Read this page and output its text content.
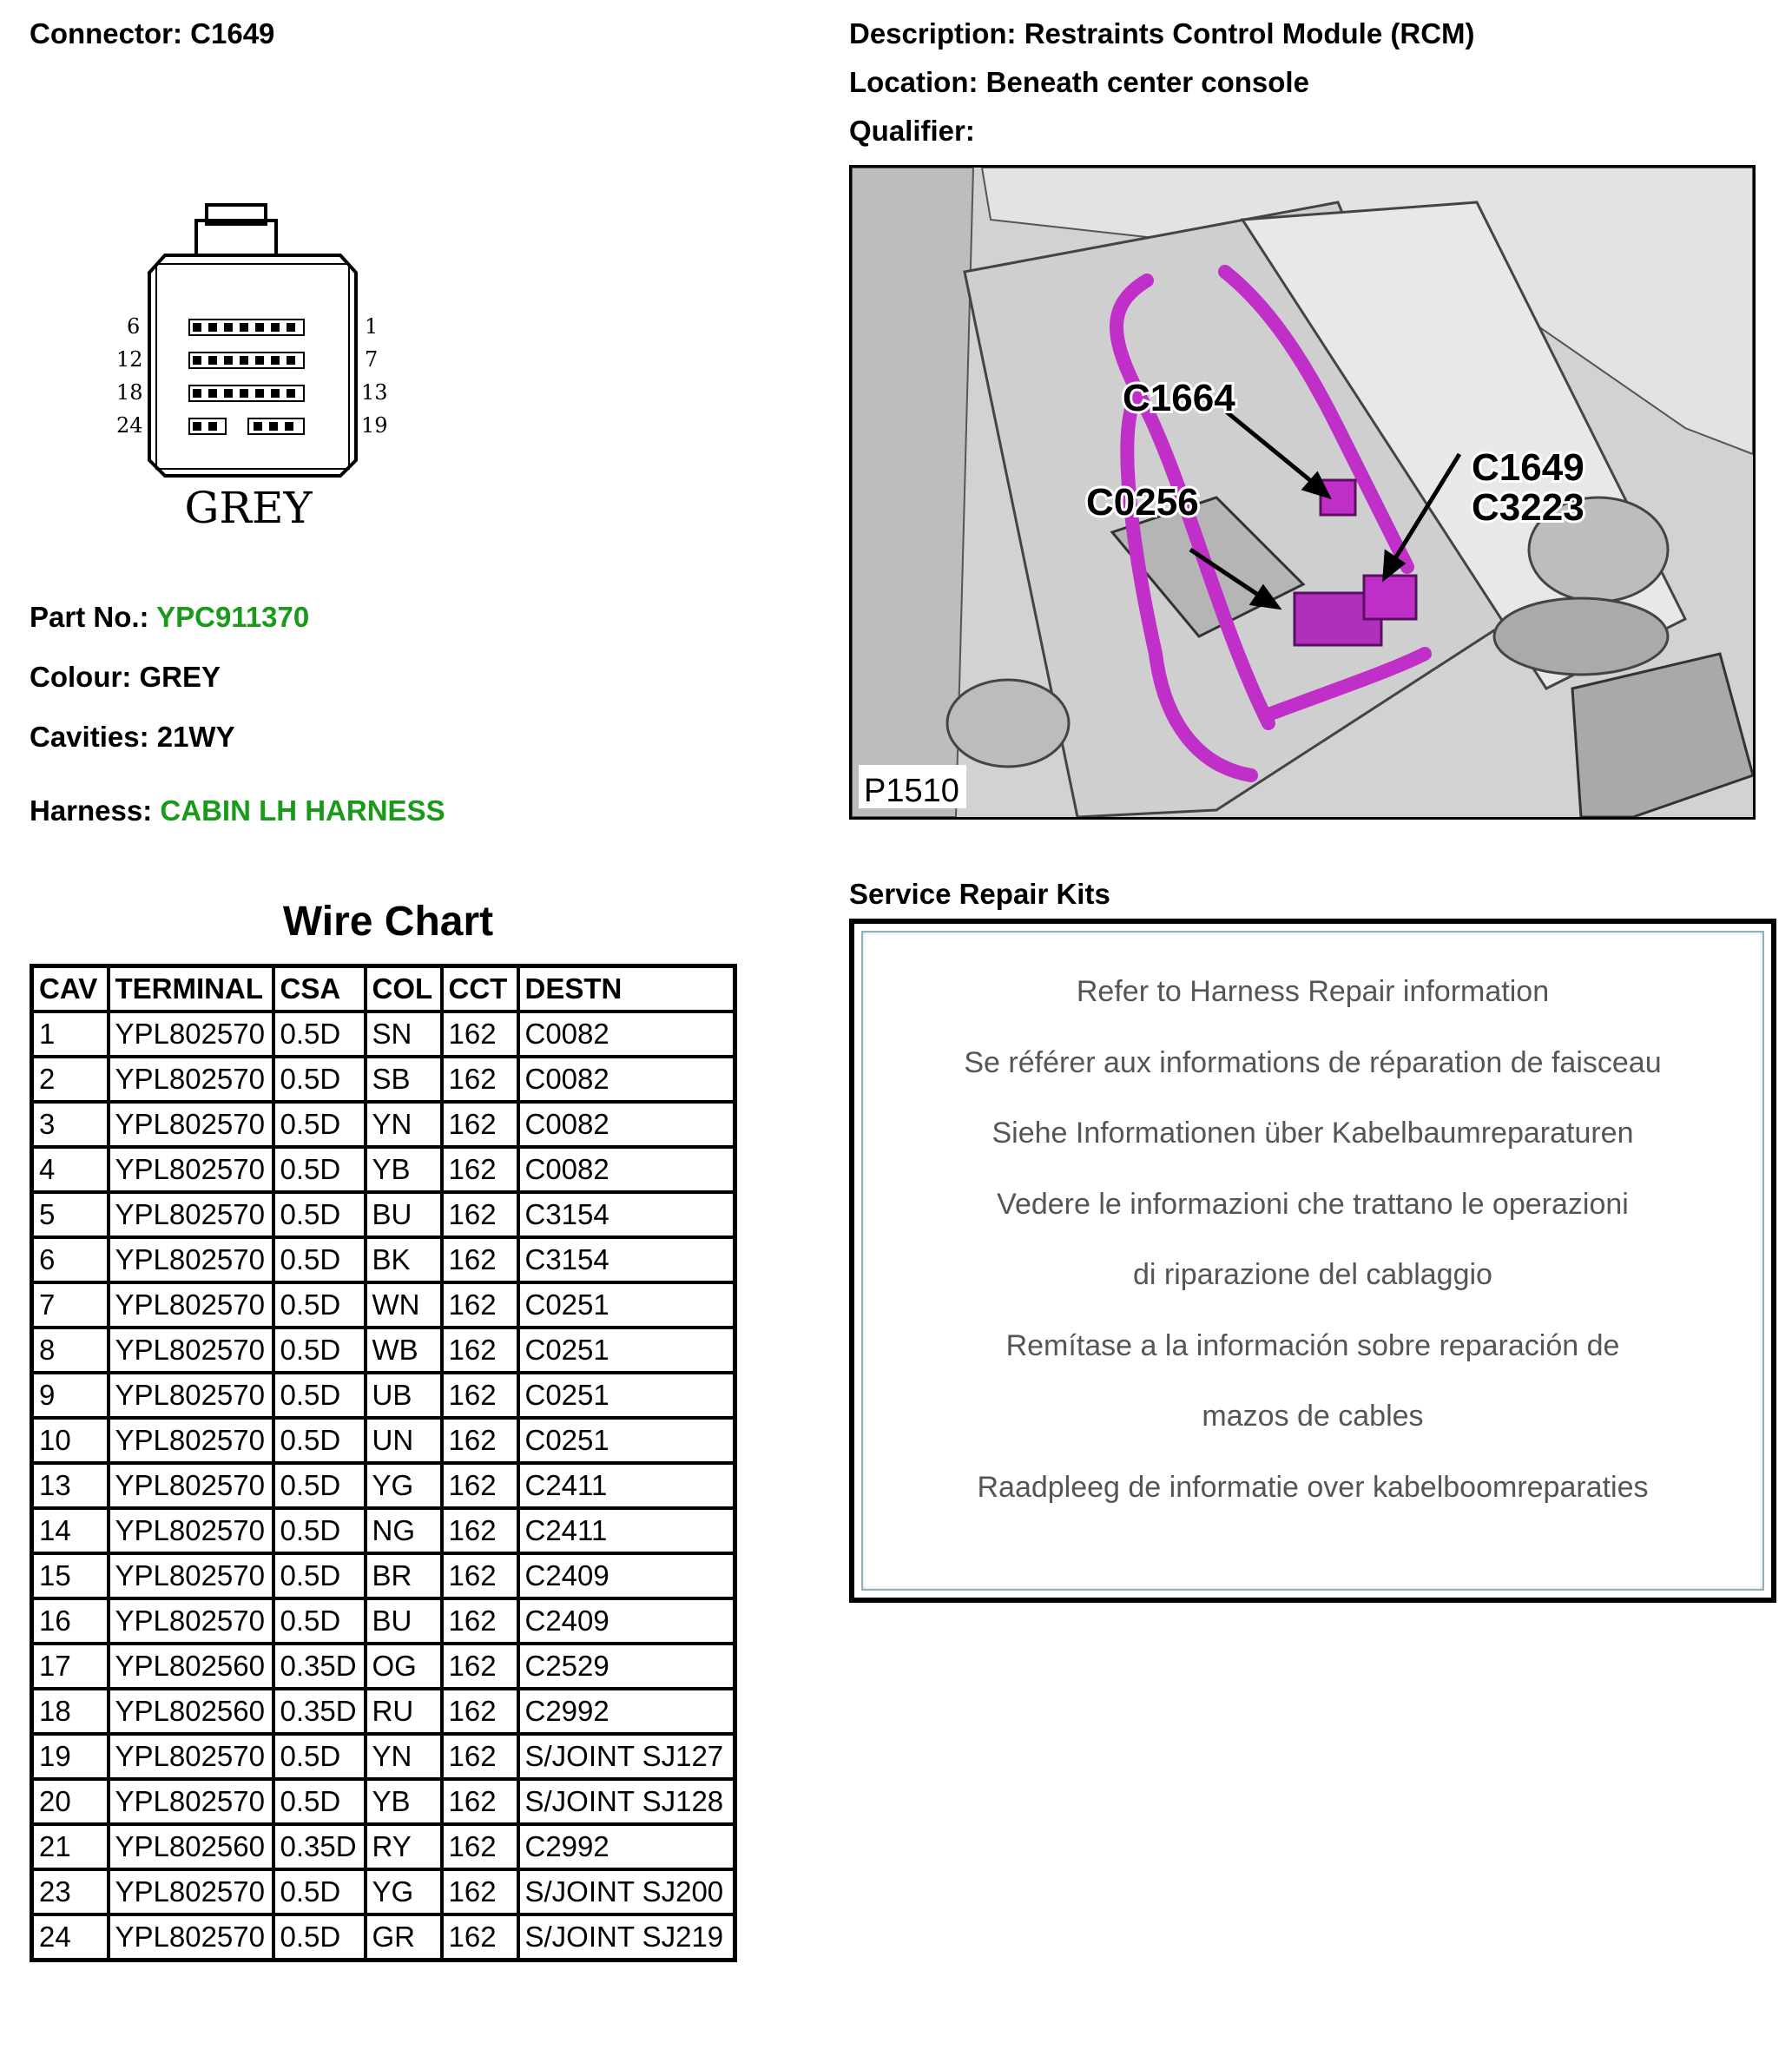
Connector: C1649	Description: Restraints Control Module (RCM)
Location: Beneath center console
Qualifier:
6
12
18
24
1
7
13
19
GREY
Part No.: YPC911370
Colour: GREY
Cavities: 21WY
Harness: CABIN LH HARNESS
Wire Chart
CAV	TERMINAL	CSA	COL	CCT	DESTN
1	YPL802570	0.5D	SN	162	C0082
2	YPL802570	0.5D	SB	162	C0082
3	YPL802570	0.5D	YN	162	C0082
4	YPL802570	0.5D	YB	162	C0082
5	YPL802570	0.5D	BU	162	C3154
6	YPL802570	0.5D	BK	162	C3154
7	YPL802570	0.5D	WN	162	C0251
8	YPL802570	0.5D	WB	162	C0251
9	YPL802570	0.5D	UB	162	C0251
10	YPL802570	0.5D	UN	162	C0251
13	YPL802570	0.5D	YG	162	C2411
14	YPL802570	0.5D	NG	162	C2411
15	YPL802570	0.5D	BR	162	C2409
16	YPL802570	0.5D	BU	162	C2409
17	YPL802560	0.35D	OG	162	C2529
18	YPL802560	0.35D	RU	162	C2992
19	YPL802570	0.5D	YN	162	S/JOINT SJ127
20	YPL802570	0.5D	YB	162	S/JOINT SJ128
21	YPL802560	0.35D	RY	162	C2992
23	YPL802570	0.5D	YG	162	S/JOINT SJ200
24	YPL802570	0.5D	GR	162	S/JOINT SJ219
C1664
C0256
C1649
C3223
P1510
Service Repair Kits
Refer to Harness Repair information
Se référer aux informations de réparation de faisceau
Siehe Informationen über Kabelbaumreparaturen
Vedere le informazioni che trattano le operazioni
di riparazione del cablaggio
Remítase a la información sobre reparación de
mazos de cables
Raadpleeg de informatie over kabelboomreparaties
